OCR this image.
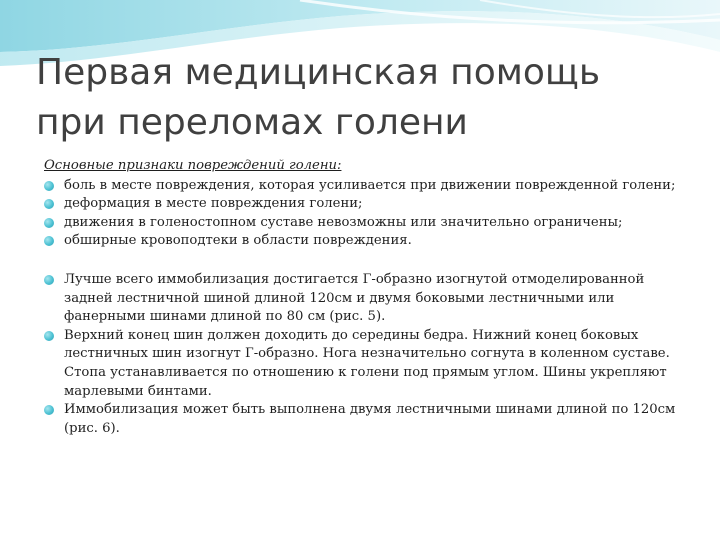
Первая медицинская помощь
при переломах голени

Основные признаки повреждений голени:

боль в месте повреждения, которая усиливается при движении поврежденной голени;
деформация в месте повреждения голени;
движения в голеностопном суставе невозможны или значительно ограничены;
обширные кровоподтеки в области повреждения.
Лучше всего иммобилизация достигается Г-образно изогнутой отмоделированной задней лестничной шиной длиной 120см и двумя боковыми лестничными или фанерными шинами длиной по 80 см (рис. 5).
Верхний конец шин должен доходить до середины бедра. Нижний конец боковых лестничных шин изогнут Г-образно. Нога незначительно согнута в коленном суставе. Стопа устанавливается по отношению к голени под прямым углом. Шины укрепляют марлевыми бинтами.
Иммобилизация может быть выполнена двумя лестничными шинами длиной по 120см (рис. 6).
